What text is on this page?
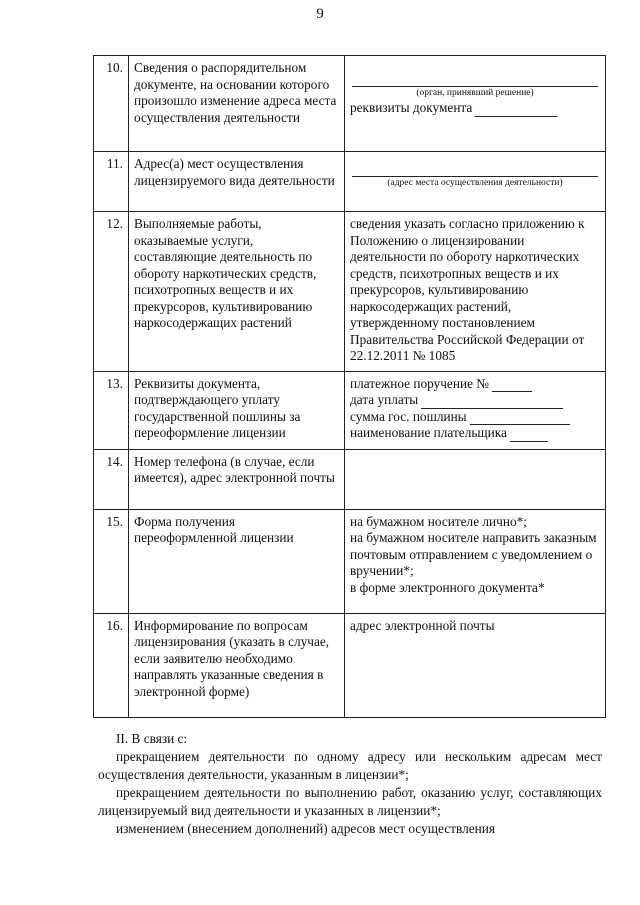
9
10.	Сведения о распорядительном документе, на основании которого произошло изменение адреса места осуществления деятельности	(орган, принявший решение)
реквизиты документа

11.	Адрес(а) мест осуществления лицензируемого вида деятельности	(адрес места осуществления деятельности)

12.	Выполняемые работы, оказываемые услуги, составляющие деятельность по обороту наркотических средств, психотропных веществ и их прекурсоров, культивированию наркосодержащих растений	сведения указать согласно приложению к Положению о лицензировании деятельности по обороту наркотических средств, психотропных веществ и их прекурсоров, культивированию наркосодержащих растений, утвержденному постановлением Правительства Российской Федерации от 22.12.2011 № 1085
13.	Реквизиты документа, подтверждающего уплату государственной пошлины за переоформление лицензии	платежное поручение №
дата уплаты
сумма гос. пошлины
наименование плательщика

14.	Номер телефона (в случае, если имеется), адрес электронной почты	
15.	Форма получения переоформленной лицензии	на бумажном носителе лично*;
на бумажном носителе направить заказным почтовым отправлением с уведомлением о вручении*;
в форме электронного документа*

16.	Информирование по вопросам лицензирования (указать в случае, если заявителю необходимо направлять указанные сведения в электронной форме)	адрес электронной почты

II. В связи с:

прекращением деятельности по одному адресу или нескольким адресам мест осуществления деятельности, указанным в лицензии*;

прекращением деятельности по выполнению работ, оказанию услуг, составляющих лицензируемый вид деятельности и указанных в лицензии*;

изменением (внесением дополнений) адресов мест осуществления
